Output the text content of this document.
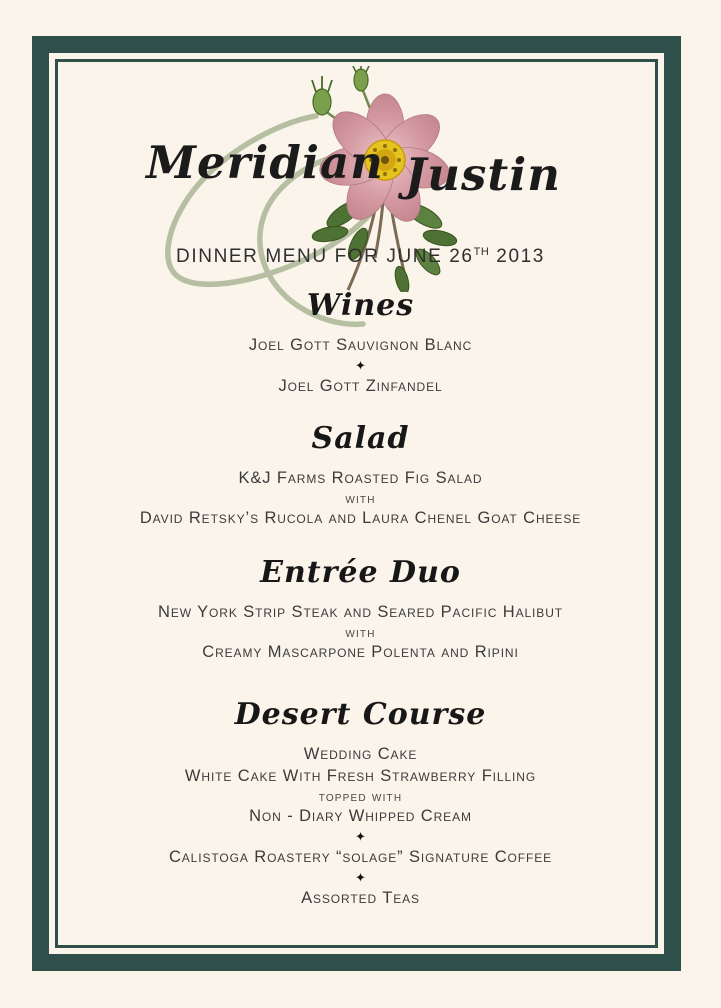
Meridian Justin
DINNER MENU FOR JUNE 26TH 2013
Wines
Joel Gott Sauvignon Blanc
✦
Joel Gott Zinfandel
Salad
K&J Farms Roasted Fig Salad
with
David Retsky’s Rucola and Laura Chenel Goat Cheese
Entrée Duo
New York Strip Steak and Seared Pacific Halibut
with
Creamy Mascarpone Polenta and Ripini
Desert Course
Wedding Cake
White Cake With Fresh Strawberry Filling
topped with
Non - Diary Whipped Cream
✦
Calistoga Roastery “solage” Signature Coffee
✦
Assorted Teas
